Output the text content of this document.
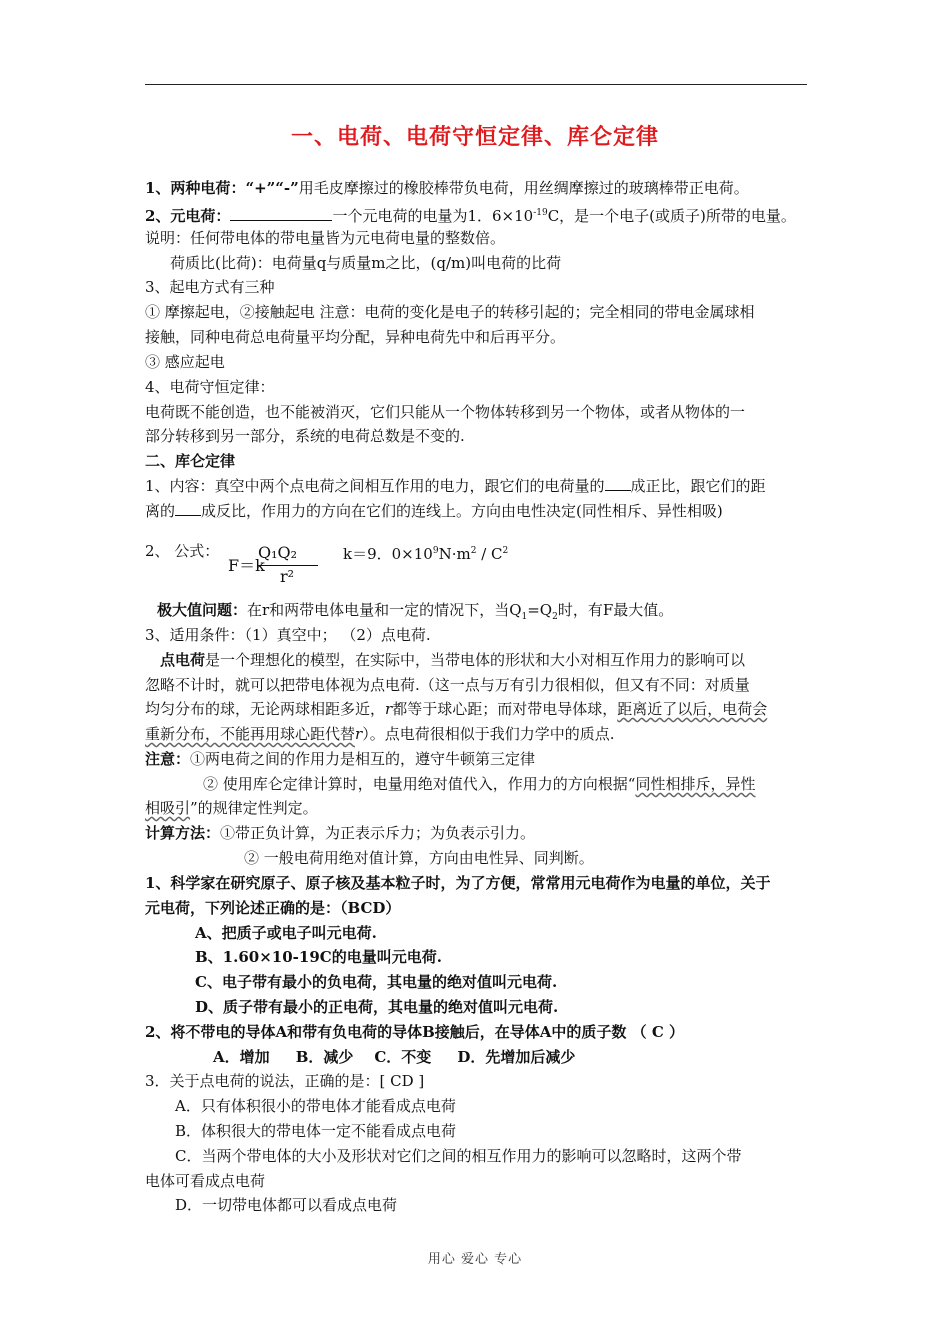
一、电荷、电荷守恒定律、库仑定律
1、两种电荷：“+”“-”用毛皮摩擦过的橡胶棒带负电荷，用丝绸摩擦过的玻璃棒带正电荷。
2、元电荷：	一个元电荷的电量为1．$6\times 10^{-19}C$，是一个电子(或质子)所带的电量。
说明：任何带电体的带电量皆为元电荷电量的整数倍。
荷质比(比荷)：电荷量q与质量m之比，(q/m)叫电荷的比荷
3、起电方式有三种
① 摩擦起电，②接触起电 注意：电荷的变化是电子的转移引起的；完全相同的带电金属球相
接触，同种电荷总电荷量平均分配，异种电荷先中和后再平分。
③ 感应起电
4、电荷守恒定律：
电荷既不能创造，也不能被消灭，它们只能从一个物体转移到另一个物体，或者从物体的一
部分转移到另一部分，系统的电荷总数是不变的.
二、库仑定律
1、内容：真空中两个点电荷之间相互作用的电力，跟它们的电荷量的 成正比，跟它们的距
离的 成反比，作用力的方向在它们的连线上。方向由电性决定(同性相斥、异性相吸)
2、 公式：
F＝k
Q₁Q₂
r²
k＝9．$0\times 10^9N\cdot m^2 / C^2$
极大值问题：在r和两带电体电量和一定的情况下，当$Q_1=Q_2$时，有F最大值。
3、适用条件：（1）真空中； （2）点电荷.
点电荷是一个理想化的模型，在实际中，当带电体的形状和大小对相互作用力的影响可以
忽略不计时，就可以把带电体视为点电荷.（这一点与万有引力很相似，但又有不同：对质量
均匀分布的球，无论两球相距多近，r都等于球心距；而对带电导体球，距离近了以后，电荷会
重新分布，不能再用球心距代替r）。点电荷很相似于我们力学中的质点.
注意：①两电荷之间的作用力是相互的，遵守牛顿第三定律
② 使用库仑定律计算时，电量用绝对值代入，作用力的方向根据“同性相排斥，异性
相吸引”的规律定性判定。
计算方法：①带正负计算，为正表示斥力；为负表示引力。
② 一般电荷用绝对值计算，方向由电性异、同判断。
1、科学家在研究原子、原子核及基本粒子时，为了方便，常常用元电荷作为电量的单位，关于
元电荷，下列论述正确的是：（BCD）
A、把质子或电子叫元电荷.
B、1.60×10-19C的电量叫元电荷.
C、电子带有最小的负电荷，其电量的绝对值叫元电荷.
D、质子带有最小的正电荷，其电量的绝对值叫元电荷.
2、将不带电的导体A和带有负电荷的导体B接触后，在导体A中的质子数 （ C ）
A．增加     B．减少    C．不变     D．先增加后减少
3．关于点电荷的说法，正确的是：[ CD ]
A．只有体积很小的带电体才能看成点电荷
B．体积很大的带电体一定不能看成点电荷
C．当两个带电体的大小及形状对它们之间的相互作用力的影响可以忽略时，这两个带
电体可看成点电荷
D．一切带电体都可以看成点电荷
用心 爱心 专心
